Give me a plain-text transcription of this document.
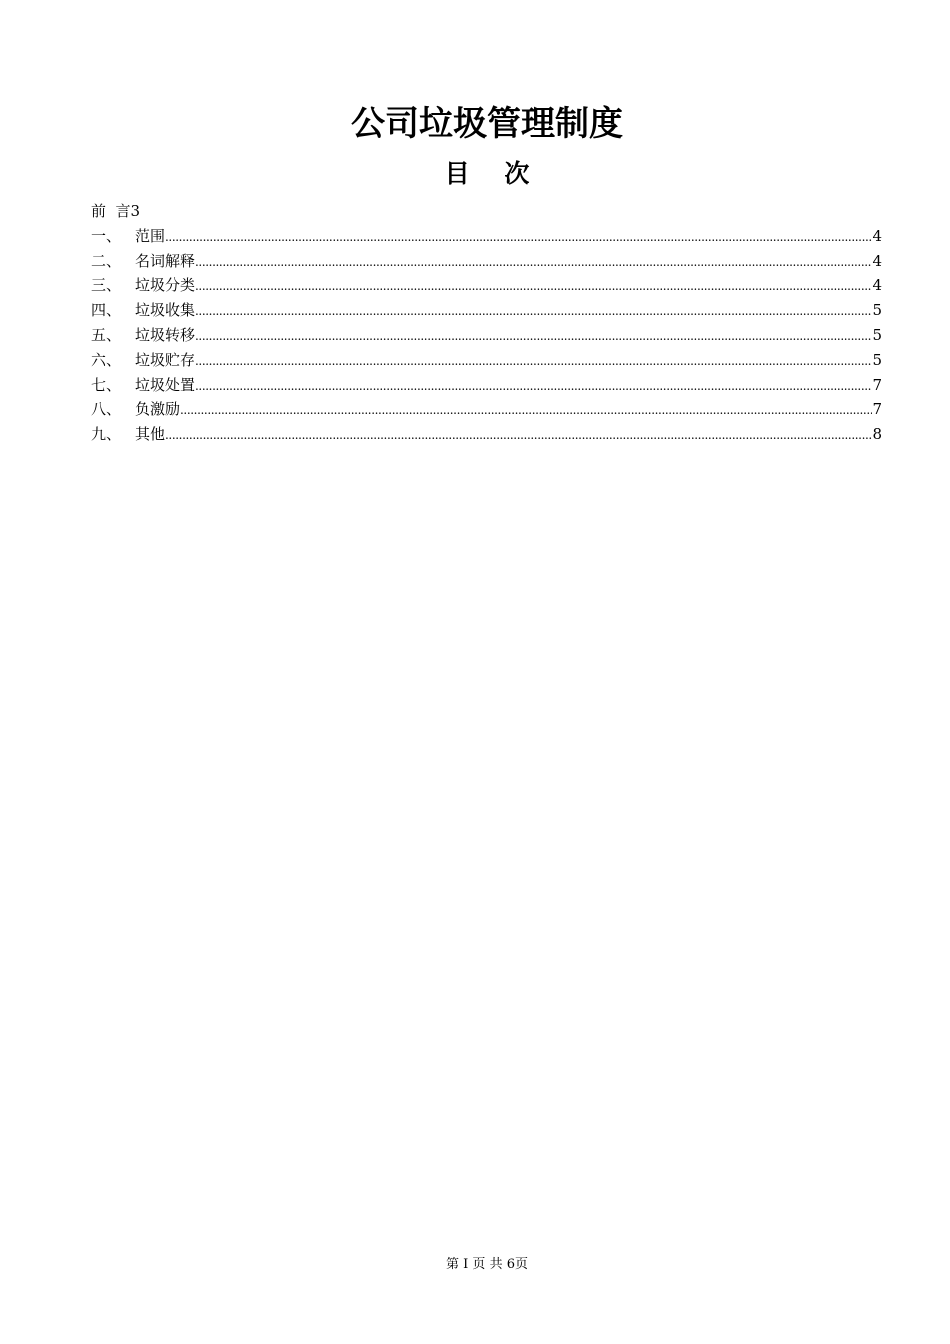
公司垃圾管理制度
目    次
前  言3
一、 范围 .....	4
二、 名词解释 .....	4
三、 垃圾分类 .....	4
四、 垃圾收集 .....	5
五、 垃圾转移 .....	5
六、 垃圾贮存 .....	5
七、 垃圾处置 .....	7
八、 负激励 .....	7
九、 其他 .....	8
第 I 页 共 6页
